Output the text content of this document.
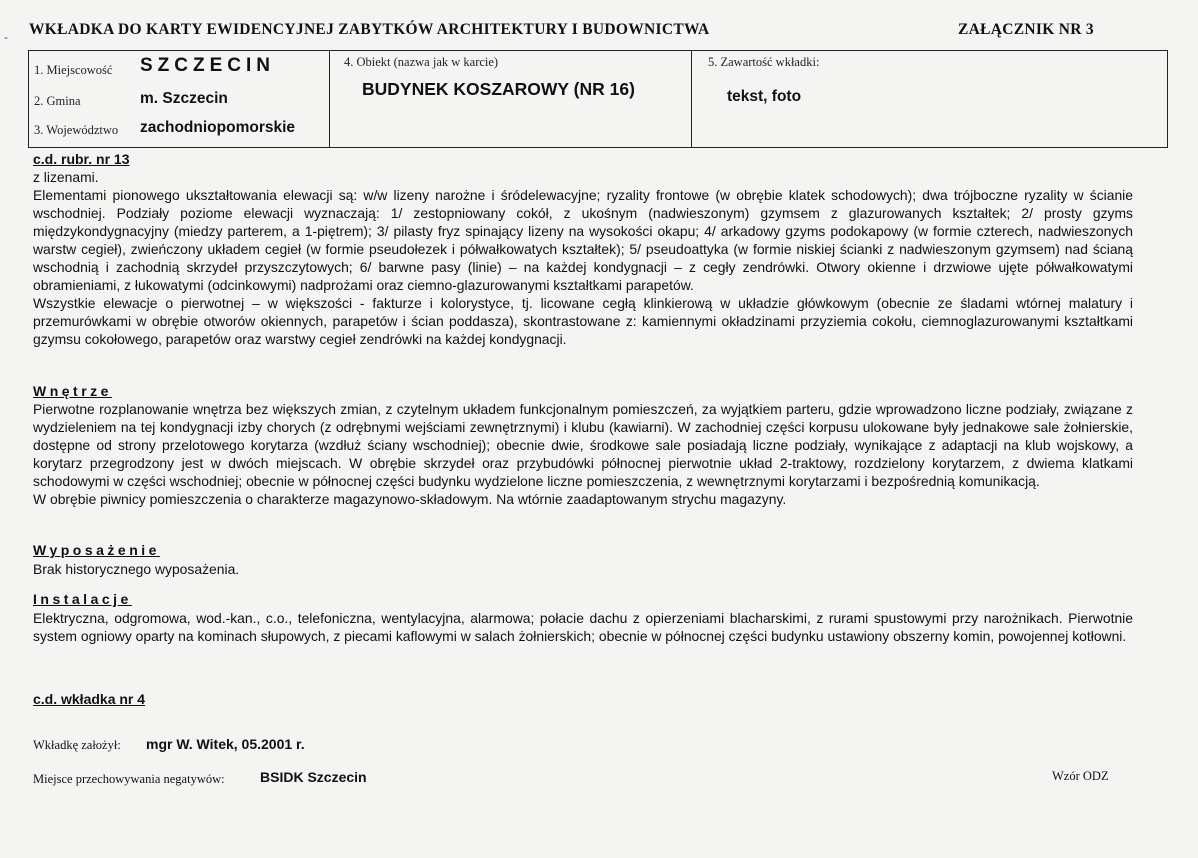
- WKŁADKA DO KARTY EWIDENCYJNEJ ZABYTKÓW ARCHITEKTURY I BUDOWNICTWA	ZAŁĄCZNIK NR 3
1. Miejscowość SZCZECIN
2. Gmina	m. Szczecin
3. Województwo zachodniopomorskie
4. Obiekt (nazwa jak w karcie)
BUDYNEK KOSZAROWY (NR 16)
5. Zawartość wkładki:
tekst, foto
c.d. rubr. nr 13

z lizenami.

Elementami pionowego ukształtowania elewacji są: w/w lizeny narożne i śródelewacyjne; ryzality frontowe (w obrębie klatek schodowych); dwa trójboczne ryzality w ścianie wschodniej. Podziały poziome elewacji wyznaczają: 1/ zestopniowany cokół, z ukośnym (nadwieszonym) gzymsem z glazurowanych kształtek; 2/ prosty gzyms międzykondygnacyjny (miedzy parterem, a 1-piętrem); 3/ pilasty fryz spinający lizeny na wysokości okapu; 4/ arkadowy gzyms podokapowy (w formie czterech, nadwieszonych warstw cegieł), zwieńczony układem cegieł (w formie pseudołezek i półwałkowatych kształtek); 5/ pseudoattyka (w formie niskiej ścianki z nadwieszonym gzymsem) nad ścianą wschodnią i zachodnią skrzydeł przyszczytowych; 6/ barwne pasy (linie) – na każdej kondygnacji – z cegły zendrówki. Otwory okienne i drzwiowe ujęte półwałkowatymi obramieniami, z łukowatymi (odcinkowymi) nadprożami oraz ciemno-glazurowanymi kształtkami parapetów.

Wszystkie elewacje o pierwotnej – w większości - fakturze i kolorystyce, tj. licowane cegłą klinkierową w układzie główkowym (obecnie ze śladami wtórnej malatury i przemurówkami w obrębie otworów okiennych, parapetów i ścian poddasza), skontrastowane z: kamiennymi okładzinami przyziemia cokołu, ciemnoglazurowanymi kształtkami gzymsu cokołowego, parapetów oraz warstwy cegieł zendrówki na każdej kondygnacji.

Wnętrze

Pierwotne rozplanowanie wnętrza bez większych zmian, z czytelnym układem funkcjonalnym pomieszczeń, za wyjątkiem parteru, gdzie wprowadzono liczne podziały, związane z wydzieleniem na tej kondygnacji izby chorych (z odrębnymi wejściami zewnętrznymi) i klubu (kawiarni). W zachodniej części korpusu ulokowane były jednakowe sale żołnierskie, dostępne od strony przelotowego korytarza (wzdłuż ściany wschodniej); obecnie dwie, środkowe sale posiadają liczne podziały, wynikające z adaptacji na klub wojskowy, a korytarz przegrodzony jest w dwóch miejscach. W obrębie skrzydeł oraz przybudówki północnej pierwotnie układ 2-traktowy, rozdzielony korytarzem, z dwiema klatkami schodowymi w części wschodniej; obecnie w północnej części budynku wydzielone liczne pomieszczenia, z wewnętrznymi korytarzami i bezpośrednią komunikacją.

W obrębie piwnicy pomieszczenia o charakterze magazynowo-składowym. Na wtórnie zaadaptowanym strychu magazyny.

Wyposażenie
Brak historycznego wyposażenia.
Instalacje
Elektryczna, odgromowa, wod.-kan., c.o., telefoniczna, wentylacyjna, alarmowa; połacie dachu z opierzeniami blacharskimi, z rurami spustowymi przy narożnikach. Pierwotnie system ogniowy oparty na kominach słupowych, z piecami kaflowymi w salach żołnierskich; obecnie w północnej części budynku ustawiony obszerny komin, powojennej kotłowni.
c.d. wkładka nr 4
Wkładkę założył: mgr W. Witek, 05.2001 r.
Miejsce przechowywania negatywów:	BSIDK Szczecin	Wzór ODZ
